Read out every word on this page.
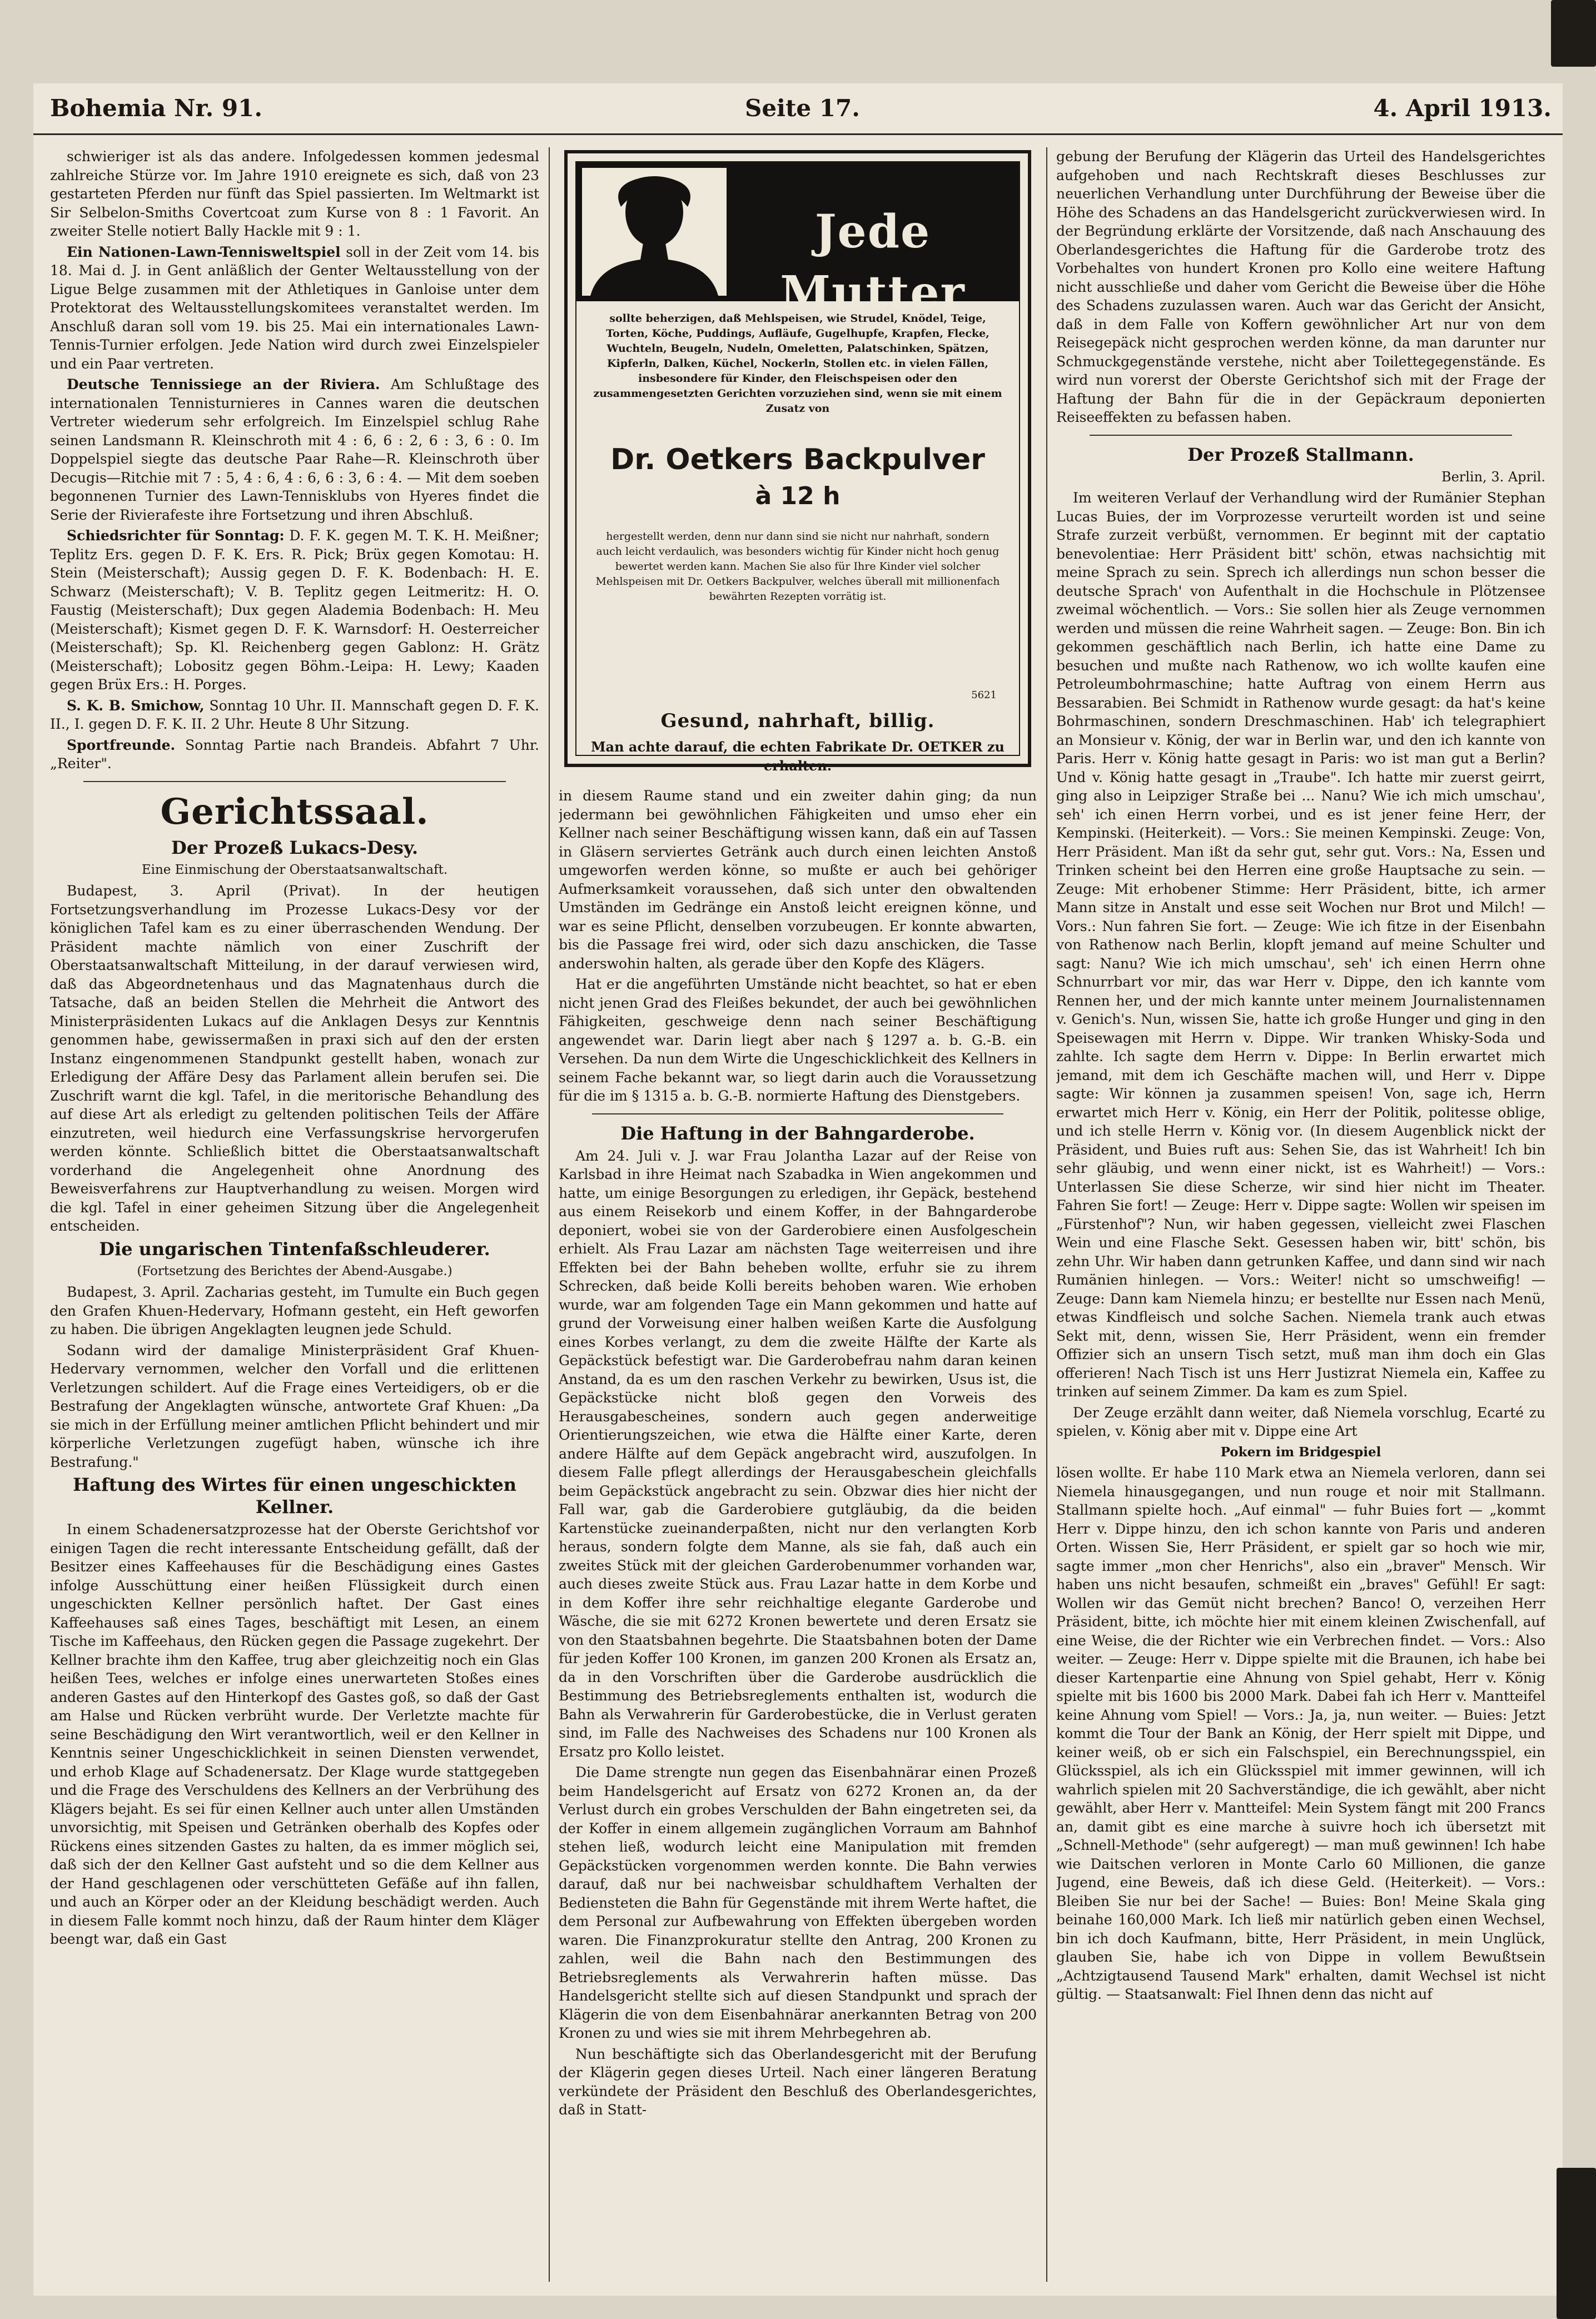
Bohemia Nr. 91.	Seite 17.	4. April 1913.

schwieriger ist als das andere. Infolgedessen kommen jedesmal zahlreiche Stürze vor. Im Jahre 1910 ereignete es sich, daß von 23 gestarteten Pferden nur fünft das Spiel passierten. Im Weltmarkt ist Sir Selbelon-Smiths Covertcoat zum Kurse von 8 : 1 Favorit. An zweiter Stelle notiert Bally Hackle mit 9 : 1.

Ein Nationen-Lawn-Tennisweltspiel soll in der Zeit vom 14. bis 18. Mai d. J. in Gent anläßlich der Genter Weltausstellung von der Ligue Belge zusammen mit der Athletiques in Ganloise unter dem Protektorat des Weltausstellungskomitees veranstaltet werden. Im Anschluß daran soll vom 19. bis 25. Mai ein internationales Lawn-Tennis-Turnier erfolgen. Jede Nation wird durch zwei Einzelspieler und ein Paar vertreten.

Deutsche Tennissiege an der Riviera. Am Schlußtage des internationalen Tennisturnieres in Cannes waren die deutschen Vertreter wiederum sehr erfolgreich. Im Einzelspiel schlug Rahe seinen Landsmann R. Kleinschroth mit 4 : 6, 6 : 2, 6 : 3, 6 : 0. Im Doppelspiel siegte das deutsche Paar Rahe—R. Kleinschroth über Decugis—Ritchie mit 7 : 5, 4 : 6, 4 : 6, 6 : 3, 6 : 4. — Mit dem soeben begonnenen Turnier des Lawn-Tennisklubs von Hyeres findet die Serie der Rivierafeste ihre Fortsetzung und ihren Abschluß.

Schiedsrichter für Sonntag: D. F. K. gegen M. T. K. H. Meißner; Teplitz Ers. gegen D. F. K. Ers. R. Pick; Brüx gegen Komotau: H. Stein (Meisterschaft); Aussig gegen D. F. K. Bodenbach: H. E. Schwarz (Meisterschaft); V. B. Teplitz gegen Leitmeritz: H. O. Faustig (Meisterschaft); Dux gegen Alademia Bodenbach: H. Meu (Meisterschaft); Kismet gegen D. F. K. Warnsdorf: H. Oesterreicher (Meisterschaft); Sp. Kl. Reichenberg gegen Gablonz: H. Grätz (Meisterschaft); Lobositz gegen Böhm.-Leipa: H. Lewy; Kaaden gegen Brüx Ers.: H. Porges.

S. K. B. Smichow, Sonntag 10 Uhr. II. Mannschaft gegen D. F. K. II., I. gegen D. F. K. II. 2 Uhr. Heute 8 Uhr Sitzung.

Sportfreunde. Sonntag Partie nach Brandeis. Abfahrt 7 Uhr. „Reiter".

Gerichtssaal.

Der Prozeß Lukacs-Desy.

Eine Einmischung der Oberstaatsanwaltschaft.

Budapest, 3. April (Privat). In der heutigen Fortsetzungsverhandlung im Prozesse Lukacs-Desy vor der königlichen Tafel kam es zu einer überraschenden Wendung. Der Präsident machte nämlich von einer Zuschrift der Oberstaatsanwaltschaft Mitteilung, in der darauf verwiesen wird, daß das Abgeordnetenhaus und das Magnatenhaus durch die Tatsache, daß an beiden Stellen die Mehrheit die Antwort des Ministerpräsidenten Lukacs auf die Anklagen Desys zur Kenntnis genommen habe, gewissermaßen in praxi sich auf den der ersten Instanz eingenommenen Standpunkt gestellt haben, wonach zur Erledigung der Affäre Desy das Parlament allein berufen sei. Die Zuschrift warnt die kgl. Tafel, in die meritorische Behandlung des auf diese Art als erledigt zu geltenden politischen Teils der Affäre einzutreten, weil hiedurch eine Verfassungskrise hervorgerufen werden könnte. Schließlich bittet die Oberstaatsanwaltschaft vorderhand die Angelegenheit ohne Anordnung des Beweisverfahrens zur Hauptverhandlung zu weisen. Morgen wird die kgl. Tafel in einer geheimen Sitzung über die Angelegenheit entscheiden.

Die ungarischen Tintenfaßschleuderer.

(Fortsetzung des Berichtes der Abend-Ausgabe.)

Budapest, 3. April. Zacharias gesteht, im Tumulte ein Buch gegen den Grafen Khuen-Hedervary, Hofmann gesteht, ein Heft geworfen zu haben. Die übrigen Angeklagten leugnen jede Schuld.

Sodann wird der damalige Ministerpräsident Graf Khuen-Hedervary vernommen, welcher den Vorfall und die erlittenen Verletzungen schildert. Auf die Frage eines Verteidigers, ob er die Bestrafung der Angeklagten wünsche, antwortete Graf Khuen: „Da sie mich in der Erfüllung meiner amtlichen Pflicht behindert und mir körperliche Verletzungen zugefügt haben, wünsche ich ihre Bestrafung."

Haftung des Wirtes für einen ungeschickten Kellner.

In einem Schadenersatzprozesse hat der Oberste Gerichtshof vor einigen Tagen die recht interessante Entscheidung gefällt, daß der Besitzer eines Kaffeehauses für die Beschädigung eines Gastes infolge Ausschüttung einer heißen Flüssigkeit durch einen ungeschickten Kellner persönlich haftet. Der Gast eines Kaffeehauses saß eines Tages, beschäftigt mit Lesen, an einem Tische im Kaffeehaus, den Rücken gegen die Passage zugekehrt. Der Kellner brachte ihm den Kaffee, trug aber gleichzeitig noch ein Glas heißen Tees, welches er infolge eines unerwarteten Stoßes eines anderen Gastes auf den Hinterkopf des Gastes goß, so daß der Gast am Halse und Rücken verbrüht wurde. Der Verletzte machte für seine Beschädigung den Wirt verantwortlich, weil er den Kellner in Kenntnis seiner Ungeschicklichkeit in seinen Diensten verwendet, und erhob Klage auf Schadenersatz. Der Klage wurde stattgegeben und die Frage des Verschuldens des Kellners an der Verbrühung des Klägers bejaht. Es sei für einen Kellner auch unter allen Umständen unvorsichtig, mit Speisen und Getränken oberhalb des Kopfes oder Rückens eines sitzenden Gastes zu halten, da es immer möglich sei, daß sich der den Kellner Gast aufsteht und so die dem Kellner aus der Hand geschlagenen oder verschütteten Gefäße auf ihn fallen, und auch an Körper oder an der Kleidung beschädigt werden. Auch in diesem Falle kommt noch hinzu, daß der Raum hinter dem Kläger beengt war, daß ein Gast

Jede Mutter
sollte beherzigen, daß Mehlspeisen, wie Strudel, Knödel, Teige, Torten, Köche, Puddings, Aufläufe, Gugelhupfe, Krapfen, Flecke, Wuchteln, Beugeln, Nudeln, Omeletten, Palatschinken, Spätzen, Kipferln, Dalken, Küchel, Nockerln, Stollen etc. in vielen Fällen, insbesondere für Kinder, den Fleischspeisen oder den zusammengesetzten Gerichten vorzuziehen sind, wenn sie mit einem Zusatz von
Dr. Oetkers Backpulver
à 12 h
hergestellt werden, denn nur dann sind sie nicht nur nahrhaft, sondern auch leicht verdaulich, was besonders wichtig für Kinder nicht hoch genug bewertet werden kann. Machen Sie also für Ihre Kinder viel solcher Mehlspeisen mit Dr. Oetkers Backpulver, welches überall mit millionenfach bewährten Rezepten vorrätig ist.
5621
Gesund, nahrhaft, billig.
Man achte darauf, die echten Fabrikate Dr. OETKER zu erhalten.

in diesem Raume stand und ein zweiter dahin ging; da nun jedermann bei gewöhnlichen Fähigkeiten und umso eher ein Kellner nach seiner Beschäftigung wissen kann, daß ein auf Tassen in Gläsern serviertes Getränk auch durch einen leichten Anstoß umgeworfen werden könne, so mußte er auch bei gehöriger Aufmerksamkeit voraussehen, daß sich unter den obwaltenden Umständen im Gedränge ein Anstoß leicht ereignen könne, und war es seine Pflicht, denselben vorzubeugen. Er konnte abwarten, bis die Passage frei wird, oder sich dazu anschicken, die Tasse anderswohin halten, als gerade über den Kopfe des Klägers.

Hat er die angeführten Umstände nicht beachtet, so hat er eben nicht jenen Grad des Fleißes bekundet, der auch bei gewöhnlichen Fähigkeiten, geschweige denn nach seiner Beschäftigung angewendet war. Darin liegt aber nach § 1297 a. b. G.-B. ein Versehen. Da nun dem Wirte die Ungeschicklichkeit des Kellners in seinem Fache bekannt war, so liegt darin auch die Voraussetzung für die im § 1315 a. b. G.-B. normierte Haftung des Dienstgebers.

Die Haftung in der Bahngarderobe.

Am 24. Juli v. J. war Frau Jolantha Lazar auf der Reise von Karlsbad in ihre Heimat nach Szabadka in Wien angekommen und hatte, um einige Besorgungen zu erledigen, ihr Gepäck, bestehend aus einem Reisekorb und einem Koffer, in der Bahngarderobe deponiert, wobei sie von der Garderobiere einen Ausfolgeschein erhielt. Als Frau Lazar am nächsten Tage weiterreisen und ihre Effekten bei der Bahn beheben wollte, erfuhr sie zu ihrem Schrecken, daß beide Kolli bereits behoben waren. Wie erhoben wurde, war am folgenden Tage ein Mann gekommen und hatte auf grund der Vorweisung einer halben weißen Karte die Ausfolgung eines Korbes verlangt, zu dem die zweite Hälfte der Karte als Gepäckstück befestigt war. Die Garderobefrau nahm daran keinen Anstand, da es um den raschen Verkehr zu bewirken, Usus ist, die Gepäckstücke nicht bloß gegen den Vorweis des Herausgabescheines, sondern auch gegen anderweitige Orientierungszeichen, wie etwa die Hälfte einer Karte, deren andere Hälfte auf dem Gepäck angebracht wird, auszufolgen. In diesem Falle pflegt allerdings der Herausgabeschein gleichfalls beim Gepäckstück angebracht zu sein. Obzwar dies hier nicht der Fall war, gab die Garderobiere gutgläubig, da die beiden Kartenstücke zueinanderpaßten, nicht nur den verlangten Korb heraus, sondern folgte dem Manne, als sie fah, daß auch ein zweites Stück mit der gleichen Garderobenummer vorhanden war, auch dieses zweite Stück aus. Frau Lazar hatte in dem Korbe und in dem Koffer ihre sehr reichhaltige elegante Garderobe und Wäsche, die sie mit 6272 Kronen bewertete und deren Ersatz sie von den Staatsbahnen begehrte. Die Staatsbahnen boten der Dame für jeden Koffer 100 Kronen, im ganzen 200 Kronen als Ersatz an, da in den Vorschriften über die Garderobe ausdrücklich die Bestimmung des Betriebsreglements enthalten ist, wodurch die Bahn als Verwahrerin für Garderobestücke, die in Verlust geraten sind, im Falle des Nachweises des Schadens nur 100 Kronen als Ersatz pro Kollo leistet.

Die Dame strengte nun gegen das Eisenbahnärar einen Prozeß beim Handelsgericht auf Ersatz von 6272 Kronen an, da der Verlust durch ein grobes Verschulden der Bahn eingetreten sei, da der Koffer in einem allgemein zugänglichen Vorraum am Bahnhof stehen ließ, wodurch leicht eine Manipulation mit fremden Gepäckstücken vorgenommen werden konnte. Die Bahn verwies darauf, daß nur bei nachweisbar schuldhaftem Verhalten der Bediensteten die Bahn für Gegenstände mit ihrem Werte haftet, die dem Personal zur Aufbewahrung von Effekten übergeben worden waren. Die Finanzprokuratur stellte den Antrag, 200 Kronen zu zahlen, weil die Bahn nach den Bestimmungen des Betriebsreglements als Verwahrerin haften müsse. Das Handelsgericht stellte sich auf diesen Standpunkt und sprach der Klägerin die von dem Eisenbahnärar anerkannten Betrag von 200 Kronen zu und wies sie mit ihrem Mehrbegehren ab.

Nun beschäftigte sich das Oberlandesgericht mit der Berufung der Klägerin gegen dieses Urteil. Nach einer längeren Beratung verkündete der Präsident den Beschluß des Oberlandesgerichtes, daß in Statt-

gebung der Berufung der Klägerin das Urteil des Handelsgerichtes aufgehoben und nach Rechtskraft dieses Beschlusses zur neuerlichen Verhandlung unter Durchführung der Beweise über die Höhe des Schadens an das Handelsgericht zurückverwiesen wird. In der Begründung erklärte der Vorsitzende, daß nach Anschauung des Oberlandesgerichtes die Haftung für die Garderobe trotz des Vorbehaltes von hundert Kronen pro Kollo eine weitere Haftung nicht ausschließe und daher vom Gericht die Beweise über die Höhe des Schadens zuzulassen waren. Auch war das Gericht der Ansicht, daß in dem Falle von Koffern gewöhnlicher Art nur von dem Reisegepäck nicht gesprochen werden könne, da man darunter nur Schmuckgegenstände verstehe, nicht aber Toilettegegenstände. Es wird nun vorerst der Oberste Gerichtshof sich mit der Frage der Haftung der Bahn für die in der Gepäckraum deponierten Reiseeffekten zu befassen haben.

Der Prozeß Stallmann.

Berlin, 3. April.

Im weiteren Verlauf der Verhandlung wird der Rumänier Stephan Lucas Buies, der im Vorprozesse verurteilt worden ist und seine Strafe zurzeit verbüßt, vernommen. Er beginnt mit der captatio benevolentiae: Herr Präsident bitt' schön, etwas nachsichtig mit meine Sprach zu sein. Sprech ich allerdings nun schon besser die deutsche Sprach' von Aufenthalt in die Hochschule in Plötzensee zweimal wöchentlich. — Vors.: Sie sollen hier als Zeuge vernommen werden und müssen die reine Wahrheit sagen. — Zeuge: Bon. Bin ich gekommen geschäftlich nach Berlin, ich hatte eine Dame zu besuchen und mußte nach Rathenow, wo ich wollte kaufen eine Petroleumbohrmaschine; hatte Auftrag von einem Herrn aus Bessarabien. Bei Schmidt in Rathenow wurde gesagt: da hat's keine Bohrmaschinen, sondern Dreschmaschinen. Hab' ich telegraphiert an Monsieur v. König, der war in Berlin war, und den ich kannte von Paris. Herr v. König hatte gesagt in Paris: wo ist man gut a Berlin? Und v. König hatte gesagt in „Traube". Ich hatte mir zuerst geirrt, ging also in Leipziger Straße bei ... Nanu? Wie ich mich umschau', seh' ich einen Herrn vorbei, und es ist jener feine Herr, der Kempinski. (Heiterkeit). — Vors.: Sie meinen Kempinski. Zeuge: Von, Herr Präsident. Man ißt da sehr gut, sehr gut. Vors.: Na, Essen und Trinken scheint bei den Herren eine große Hauptsache zu sein. — Zeuge: Mit erhobener Stimme: Herr Präsident, bitte, ich armer Mann sitze in Anstalt und esse seit Wochen nur Brot und Milch! — Vors.: Nun fahren Sie fort. — Zeuge: Wie ich fitze in der Eisenbahn von Rathenow nach Berlin, klopft jemand auf meine Schulter und sagt: Nanu? Wie ich mich umschau', seh' ich einen Herrn ohne Schnurrbart vor mir, das war Herr v. Dippe, den ich kannte vom Rennen her, und der mich kannte unter meinem Journalistennamen v. Genich's. Nun, wissen Sie, hatte ich große Hunger und ging in den Speisewagen mit Herrn v. Dippe. Wir tranken Whisky-Soda und zahlte. Ich sagte dem Herrn v. Dippe: In Berlin erwartet mich jemand, mit dem ich Geschäfte machen will, und Herr v. Dippe sagte: Wir können ja zusammen speisen! Von, sage ich, Herrn erwartet mich Herr v. König, ein Herr der Politik, politesse oblige, und ich stelle Herrn v. König vor. (In diesem Augenblick nickt der Präsident, und Buies ruft aus: Sehen Sie, das ist Wahrheit! Ich bin sehr gläubig, und wenn einer nickt, ist es Wahrheit!) — Vors.: Unterlassen Sie diese Scherze, wir sind hier nicht im Theater. Fahren Sie fort! — Zeuge: Herr v. Dippe sagte: Wollen wir speisen im „Fürstenhof"? Nun, wir haben gegessen, vielleicht zwei Flaschen Wein und eine Flasche Sekt. Gesessen haben wir, bitt' schön, bis zehn Uhr. Wir haben dann getrunken Kaffee, und dann sind wir nach Rumänien hinlegen. — Vors.: Weiter! nicht so umschweifig! — Zeuge: Dann kam Niemela hinzu; er bestellte nur Essen nach Menü, etwas Kindfleisch und solche Sachen. Niemela trank auch etwas Sekt mit, denn, wissen Sie, Herr Präsident, wenn ein fremder Offizier sich an unsern Tisch setzt, muß man ihm doch ein Glas offerieren! Nach Tisch ist uns Herr Justizrat Niemela ein, Kaffee zu trinken auf seinem Zimmer. Da kam es zum Spiel.

Der Zeuge erzählt dann weiter, daß Niemela vorschlug, Ecarté zu spielen, v. König aber mit v. Dippe eine Art

Pokern im Bridgespiel

lösen wollte. Er habe 110 Mark etwa an Niemela verloren, dann sei Niemela hinausgegangen, und nun rouge et noir mit Stallmann. Stallmann spielte hoch. „Auf einmal" — fuhr Buies fort — „kommt Herr v. Dippe hinzu, den ich schon kannte von Paris und anderen Orten. Wissen Sie, Herr Präsident, er spielt gar so hoch wie mir, sagte immer „mon cher Henrichs", also ein „braver" Mensch. Wir haben uns nicht besaufen, schmeißt ein „braves" Gefühl! Er sagt: Wollen wir das Gemüt nicht brechen? Banco! O, verzeihen Herr Präsident, bitte, ich möchte hier mit einem kleinen Zwischenfall, auf eine Weise, die der Richter wie ein Verbrechen findet. — Vors.: Also weiter. — Zeuge: Herr v. Dippe spielte mit die Braunen, ich habe bei dieser Kartenpartie eine Ahnung von Spiel gehabt, Herr v. König spielte mit bis 1600 bis 2000 Mark. Dabei fah ich Herr v. Mantteifel keine Ahnung vom Spiel! — Vors.: Ja, ja, nun weiter. — Buies: Jetzt kommt die Tour der Bank an König, der Herr spielt mit Dippe, und keiner weiß, ob er sich ein Falschspiel, ein Berechnungsspiel, ein Glücksspiel, als ich ein Glücksspiel mit immer gewinnen, will ich wahrlich spielen mit 20 Sachverständige, die ich gewählt, aber nicht gewählt, aber Herr v. Mantteifel: Mein System fängt mit 200 Francs an, damit gibt es eine marche à suivre hoch ich übersetzt mit „Schnell-Methode" (sehr aufgeregt) — man muß gewinnen! Ich habe wie Daitschen verloren in Monte Carlo 60 Millionen, die ganze Jugend, eine Beweis, daß ich diese Geld. (Heiterkeit). — Vors.: Bleiben Sie nur bei der Sache! — Buies: Bon! Meine Skala ging beinahe 160,000 Mark. Ich ließ mir natürlich geben einen Wechsel, bin ich doch Kaufmann, bitte, Herr Präsident, in mein Unglück, glauben Sie, habe ich von Dippe in vollem Bewußtsein „Achtzigtausend Tausend Mark" erhalten, damit Wechsel ist nicht gültig. — Staatsanwalt: Fiel Ihnen denn das nicht auf
